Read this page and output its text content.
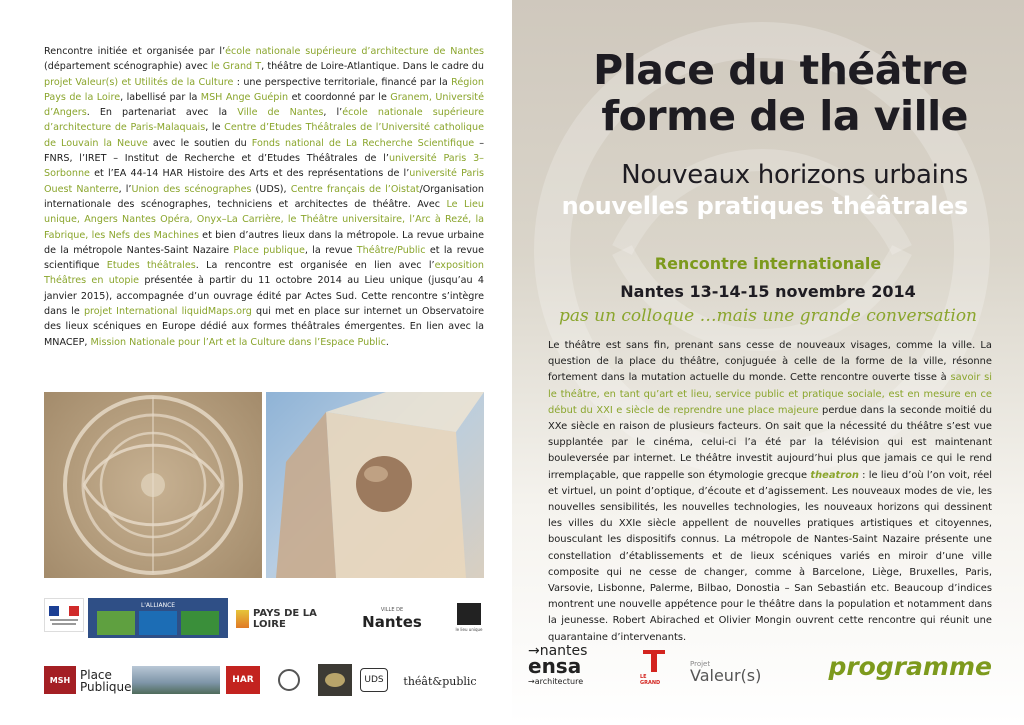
Rencontre initiée et organisée par l’école nationale supérieure d’architecture de Nantes (département scénographie) avec le Grand T, théâtre de Loire-Atlantique. Dans le cadre du projet Valeur(s) et Utilités de la Culture : une perspective territoriale, financé par la Région Pays de la Loire, labellisé par la MSH Ange Guépin et coordonné par le Granem, Université d’Angers. En partenariat avec la Ville de Nantes, l’école nationale supérieure d’architecture de Paris-Malaquais, le Centre d’Etudes Théâtrales de l’Université catholique de Louvain la Neuve avec le soutien du Fonds national de La Recherche Scientifique – FNRS, l’IRET – Institut de Recherche et d’Etudes Théâtrales de l’université Paris 3–Sorbonne et l’EA 44-14 HAR Histoire des Arts et des représentations de l’université Paris Ouest Nanterre, l’Union des scénographes (UDS), Centre français de l’Oistat/Organisation internationale des scénographes, techniciens et architectes de théâtre. Avec Le Lieu unique, Angers Nantes Opéra, Onyx–La Carrière, le Théâtre universitaire, l’Arc à Rezé, la Fabrique, les Nefs des Machines et bien d’autres lieux dans la métropole. La revue urbaine de la métropole Nantes-Saint Nazaire Place publique, la revue Théâtre/Public et la revue scientifique Etudes théâtrales. La rencontre est organisée en lien avec l’exposition Théâtres en utopie présentée à partir du 11 octobre 2014 au Lieu unique (jusqu’au 4 janvier 2015), accompagnée d’un ouvrage édité par Actes Sud. Cette rencontre s’intègre dans le projet International liquidMaps.org qui met en place sur internet un Observatoire des lieux scéniques en Europe dédié aux formes théâtrales émergentes. En lien avec la MNACEP, Mission Nationale pour l’Art et la Culture dans l’Espace Public.
L'ALLIANCE
PAYS DE LA LOIRE
VILLE DE
Nantes	le lieu unique
MSH Place
Publique	HAR	UDS théât&public
Place du théâtre
forme de la ville
Nouveaux horizons urbains
nouvelles pratiques théâtrales
Rencontre internationale
Nantes 13-14-15 novembre 2014
pas un colloque …mais une grande conversation
Le théâtre est sans fin, prenant sans cesse de nouveaux visages, comme la ville. La question de la place du théâtre, conjuguée à celle de la forme de la ville, résonne fortement dans la mutation actuelle du monde. Cette rencontre ouverte tisse à savoir si le théâtre, en tant qu’art et lieu, service public et pratique sociale, est en mesure en ce début du XXI e siècle de reprendre une place majeure perdue dans la seconde moitié du XXe siècle en raison de plusieurs facteurs. On sait que la nécessité du théâtre s’est vue supplantée par le cinéma, celui-ci l’a été par la télévision qui est maintenant bouleversée par internet. Le théâtre investit aujourd’hui plus que jamais ce qui le rend irremplaçable, que rappelle son étymologie grecque theatron : le lieu d’où l’on voit, réel et virtuel, un point d’optique, d’écoute et d’agissement. Les nouveaux modes de vie, les nouvelles sensibilités, les nouvelles technologies, les nouveaux horizons qui dessinent les villes du XXIe siècle appellent de nouvelles pratiques artistiques et citoyennes, bousculant les dispositifs connus. La métropole de Nantes-Saint Nazaire présente une constellation d’établissements et de lieux scéniques variés en miroir d’une ville composite qui ne cesse de changer, comme à Barcelone, Liège, Bruxelles, Paris, Varsovie, Lisbonne, Palerme, Bilbao, Donostia – San Sebastián etc. Beaucoup d’indices montrent une nouvelle appétence pour le théâtre dans la population et notamment dans la jeunesse. Robert Abirached et Olivier Mongin ouvrent cette rencontre qui réunit une quarantaine d’intervenants.
→nantes
ensa
→architecture	LE GRAND
Projet
Valeur(s)	programme
